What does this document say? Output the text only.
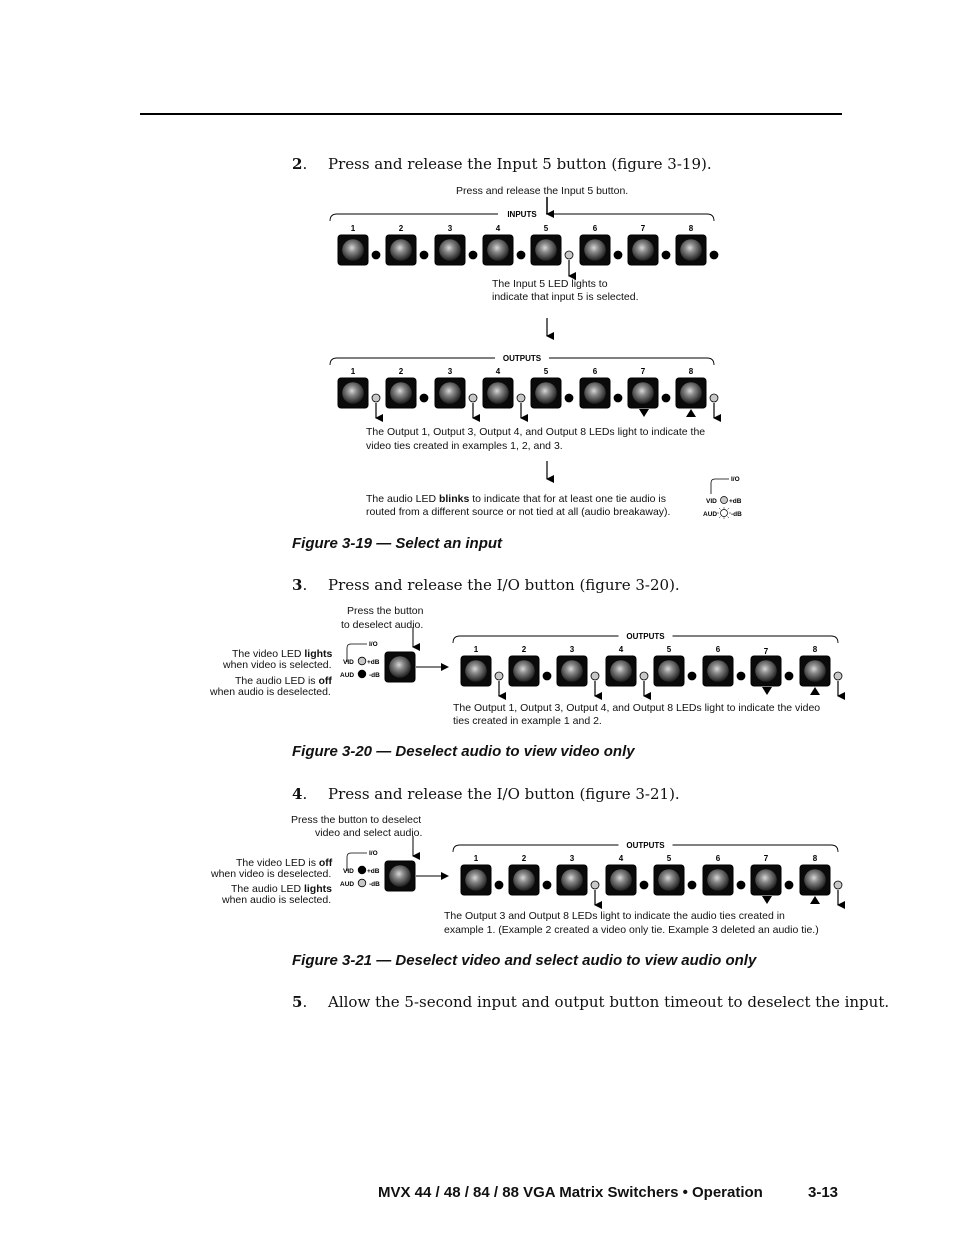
2. Press and release the Input 5 button (figure 3-19).
Press and release the Input 5 button.
The Input 5 LED lights to
indicate that input 5 is selected.
The Output 1, Output 3, Output 4, and Output 8 LEDs light to indicate the
video ties created in examples 1, 2, and 3.
The audio LED blinks to indicate that for at least one tie audio is
routed from a different source or not tied at all (audio breakaway).
Figure 3-19 — Select an input
3. Press and release the I/O button (figure 3-20).
Press the button
to deselect audio.
The video LED lights
when video is selected.
The audio LED is off
when audio is deselected.
The Output 1, Output 3, Output 4, and Output 8 LEDs light to indicate the video
ties created in example 1 and 2.
Figure 3-20 — Deselect audio to view video only
4. Press and release the I/O button (figure 3-21).
Press the button to deselect
video and select audio.
The video LED is off
when video is deselected.
The audio LED lights
when audio is selected.
The Output 3 and Output 8 LEDs light to indicate the audio ties created in
example 1. (Example 2 created a video only tie. Example 3 deleted an audio tie.)
Figure 3-21 — Deselect video and select audio to view audio only
5. Allow the 5-second input and output button timeout to deselect the input.
MVX 44 / 48 / 84 / 88 VGA Matrix Switchers • Operation	3-13
INPUTS
1	2	3	4	5	6	7	8
OUTPUTS
1	2	3	4	5	6	7	8
I/O
VID +dB
AUD -dB
I/O
VID +dB
AUD -dB
OUTPUTS
1	2	3	4	5	6	7	8
I/O
VID +dB
AUD -dB
OUTPUTS
1	2	3	4	5	6	7	8
